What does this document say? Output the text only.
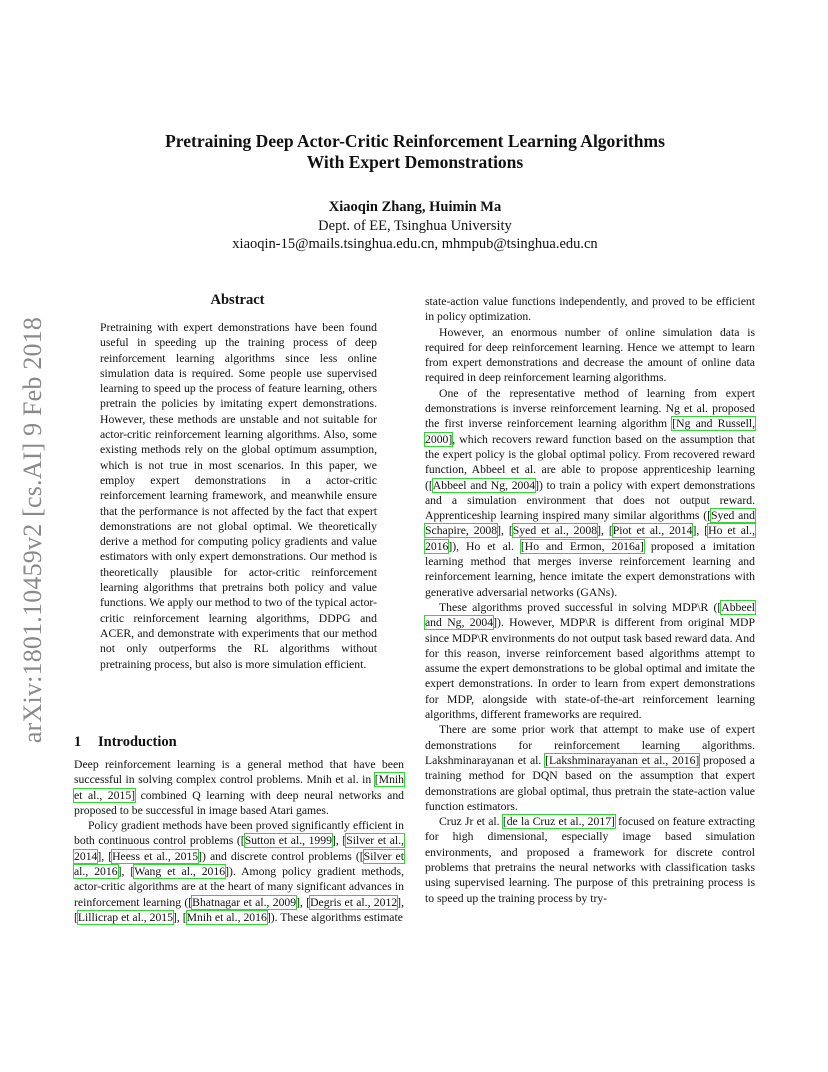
arXiv:1801.10459v2 [cs.AI] 9 Feb 2018
Pretraining Deep Actor-Critic Reinforcement Learning Algorithms
With Expert Demonstrations
Xiaoqin Zhang, Huimin Ma
Dept. of EE, Tsinghua University
xiaoqin-15@mails.tsinghua.edu.cn, mhmpub@tsinghua.edu.cn
Abstract
Pretraining with expert demonstrations have been found useful in speeding up the training process of deep reinforcement learning algorithms since less online simulation data is required. Some people use supervised learning to speed up the process of feature learning, others pretrain the policies by imitating expert demonstrations. However, these methods are unstable and not suitable for actor-critic reinforcement learning algorithms. Also, some existing methods rely on the global optimum assumption, which is not true in most scenarios. In this paper, we employ expert demonstrations in a actor-critic reinforcement learning framework, and meanwhile ensure that the performance is not affected by the fact that expert demonstrations are not global optimal. We theoretically derive a method for computing policy gradients and value estimators with only expert demonstrations. Our method is theoretically plausible for actor-critic reinforcement learning algorithms that pretrains both policy and value functions. We apply our method to two of the typical actor-critic reinforcement learning algorithms, DDPG and ACER, and demonstrate with experiments that our method not only outperforms the RL algorithms without pretraining process, but also is more simulation efficient.
1 Introduction

Deep reinforcement learning is a general method that have been successful in solving complex control problems. Mnih et al. in [Mnih et al., 2015] combined Q learning with deep neural networks and proposed to be successful in image based Atari games.

Policy gradient methods have been proved significantly efficient in both continuous control problems ([Sutton et al., 1999], [Silver et al., 2014], [Heess et al., 2015]) and discrete control problems ([Silver et al., 2016], [Wang et al., 2016]). Among policy gradient methods, actor-critic algorithms are at the heart of many significant advances in reinforcement learning ([Bhatnagar et al., 2009], [Degris et al., 2012], [Lillicrap et al., 2015], [Mnih et al., 2016]). These algorithms estimate

state-action value functions independently, and proved to be efficient in policy optimization.

However, an enormous number of online simulation data is required for deep reinforcement learning. Hence we attempt to learn from expert demonstrations and decrease the amount of online data required in deep reinforcement learning algorithms.

One of the representative method of learning from expert demonstrations is inverse reinforcement learning. Ng et al. proposed the first inverse reinforcement learning algorithm [Ng and Russell, 2000], which recovers reward function based on the assumption that the expert policy is the global optimal policy. From recovered reward function, Abbeel et al. are able to propose apprenticeship learning ([Abbeel and Ng, 2004]) to train a policy with expert demonstrations and a simulation environment that does not output reward. Apprenticeship learning inspired many similar algorithms ([Syed and Schapire, 2008], [Syed et al., 2008], [Piot et al., 2014], [Ho et al., 2016]), Ho et al. [Ho and Ermon, 2016a] proposed a imitation learning method that merges inverse reinforcement learning and reinforcement learning, hence imitate the expert demonstrations with generative adversarial networks (GANs).

These algorithms proved successful in solving MDP\R ([Abbeel and Ng, 2004]). However, MDP\R is different from original MDP since MDP\R environments do not output task based reward data. And for this reason, inverse reinforcement based algorithms attempt to assume the expert demonstrations to be global optimal and imitate the expert demonstrations. In order to learn from expert demonstrations for MDP, alongside with state-of-the-art reinforcement learning algorithms, different frameworks are required.

There are some prior work that attempt to make use of expert demonstrations for reinforcement learning algorithms. Lakshminarayanan et al. [Lakshminarayanan et al., 2016] proposed a training method for DQN based on the assumption that expert demonstrations are global optimal, thus pretrain the state-action value function estimators.

Cruz Jr et al. [de la Cruz et al., 2017] focused on feature extracting for high dimensional, especially image based simulation environments, and proposed a framework for discrete control problems that pretrains the neural networks with classification tasks using supervised learning. The purpose of this pretraining process is to speed up the training process by try-
